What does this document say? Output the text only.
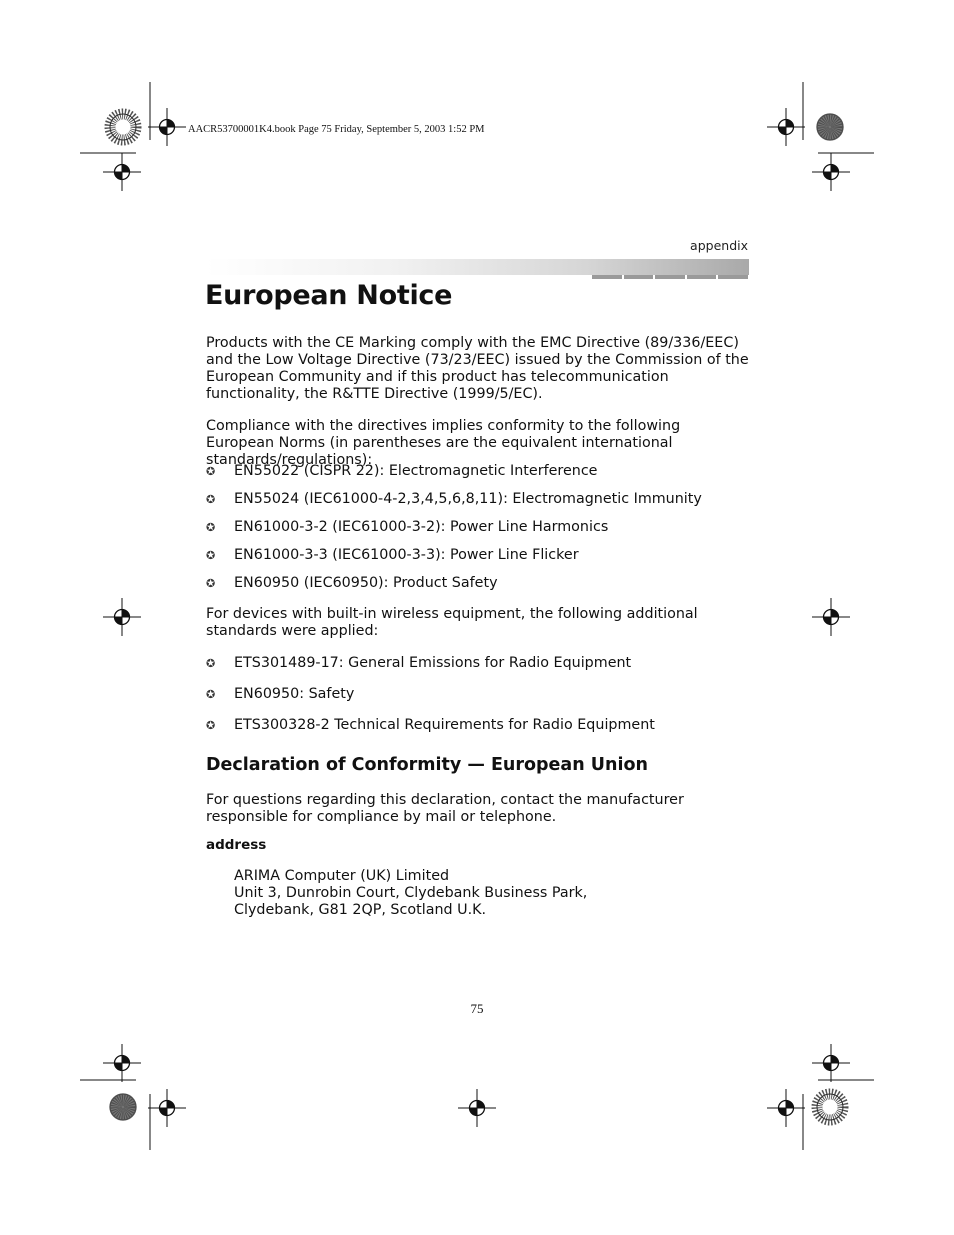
AACR53700001K4.book Page 75 Friday, September 5, 2003 1:52 PM
appendix
European Notice

Products with the CE Marking comply with the EMC Directive (89/336/EEC) and the Low Voltage Directive (73/23/EEC) issued by the Commission of the European Community and if this product has telecommunication functionality, the R&TTE Directive (1999/5/EC).

Compliance with the directives implies conformity to the following European Norms (in parentheses are the equivalent international standards/regulations):

✪ EN55022 (CISPR 22): Electromagnetic Interference
✪ EN55024 (IEC61000-4-2,3,4,5,6,8,11): Electromagnetic Immunity
✪ EN61000-3-2 (IEC61000-3-2): Power Line Harmonics
✪ EN61000-3-3 (IEC61000-3-3): Power Line Flicker
✪ EN60950 (IEC60950): Product Safety

For devices with built-in wireless equipment, the following additional standards were applied:

✪ ETS301489-17: General Emissions for Radio Equipment
✪ EN60950: Safety
✪ ETS300328-2 Technical Requirements for Radio Equipment
Declaration of Conformity — European Union

For questions regarding this declaration, contact the manufacturer responsible for compliance by mail or telephone.

address
ARIMA Computer (UK) Limited
Unit 3, Dunrobin Court, Clydebank Business Park,
Clydebank, G81 2QP, Scotland U.K.
75
